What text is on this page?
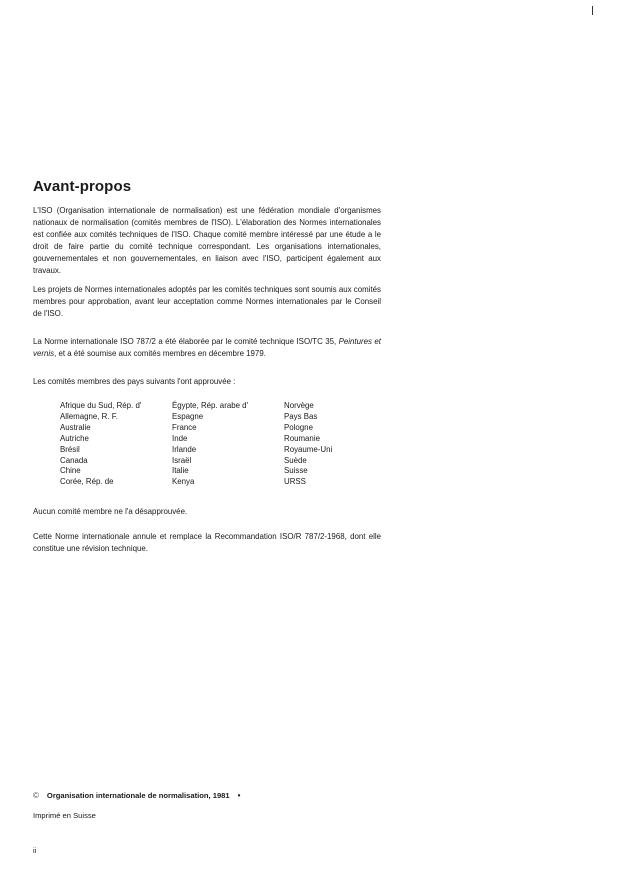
Avant-propos

L'ISO (Organisation internationale de normalisation) est une fédération mondiale d'organismes nationaux de normalisation (comités membres de l'ISO). L'élaboration des Normes internationales est confiée aux comités techniques de l'ISO. Chaque comité membre intéressé par une étude a le droit de faire partie du comité technique correspondant. Les organisations internationales, gouvernementales et non gouvernementales, en liaison avec l'ISO, participent également aux travaux.

Les projets de Normes internationales adoptés par les comités techniques sont soumis aux comités membres pour approbation, avant leur acceptation comme Normes internationales par le Conseil de l'ISO.

La Norme internationale ISO 787/2 a été élaborée par le comité technique ISO/TC 35, Peintures et vernis, et a été soumise aux comités membres en décembre 1979.

Les comités membres des pays suivants l'ont approuvée :

Afrique du Sud, Rép. d'
Allemagne, R. F.
Australie
Autriche
Brésil
Canada
Chine
Corée, Rép. de
Égypte, Rép. arabe d'
Espagne
France
Inde
Irlande
Israël
Italie
Kenya
Norvège
Pays Bas
Pologne
Roumanie
Royaume-Uni
Suède
Suisse
URSS

Aucun comité membre ne l'a désapprouvée.

Cette Norme internationale annule et remplace la Recommandation ISO/R 787/2-1968, dont elle constitue une révision technique.

© Organisation internationale de normalisation, 1981 •
Imprimé en Suisse
ii
